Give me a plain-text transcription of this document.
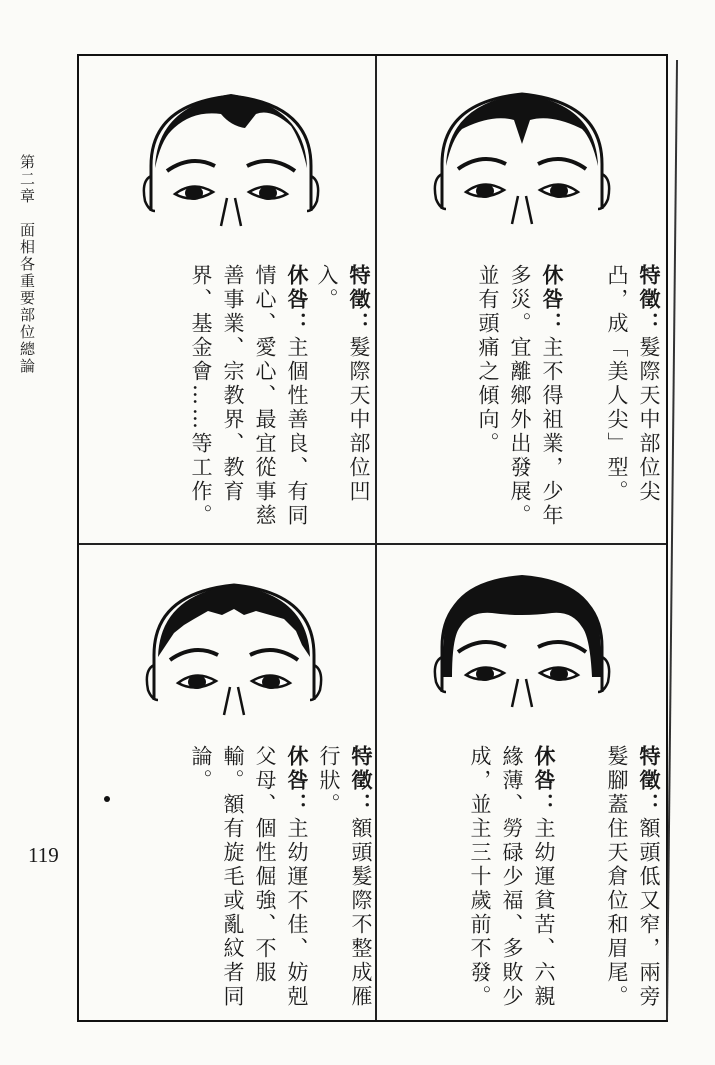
第二章　面相各重要部位總論
119
特徵：髮際天中部位尖凸，成「美人尖」型。
休咎：主不得祖業，少年多災。宜離鄉外出發展。並有頭痛之傾向。
特徵：髮際天中部位凹入。
休咎：主個性善良、有同情心、愛心、最宜從事慈善事業、宗教界、教育界、基金會……等工作。
特徵：額頭低又窄，兩旁髮腳蓋住天倉位和眉尾。
休咎：主幼運貧苦、六親緣薄、勞碌少福、多敗少成，並主三十歲前不發。
特徵：額頭髮際不整成雁行狀。
休咎：主幼運不佳、妨剋父母、個性倔強、不服輸。額有旋毛或亂紋者同論。
